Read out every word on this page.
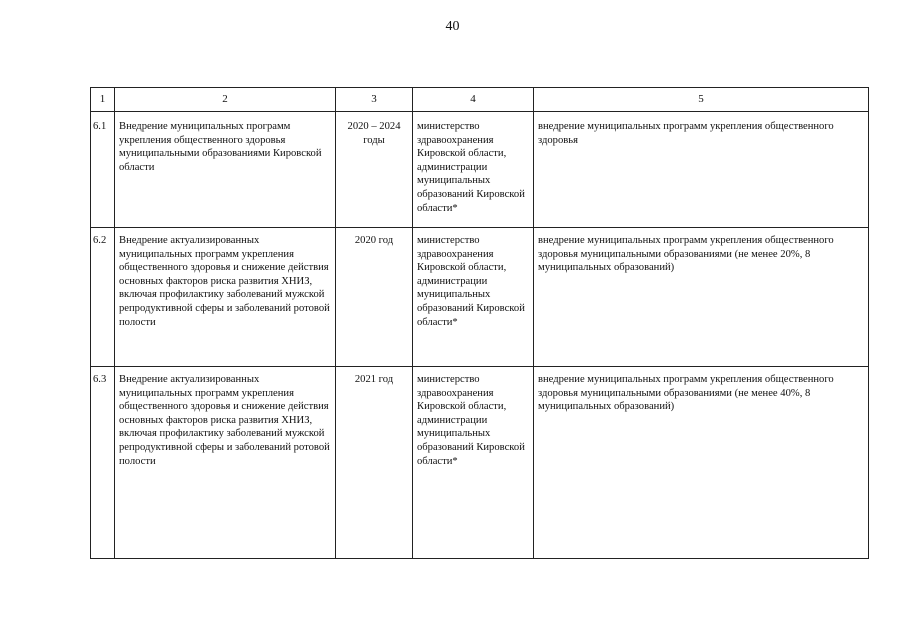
40
1	2	3	4	5
6.1	Внедрение муниципальных программ укрепления общественного здоровья муниципальными образованиями Кировской области	2020 – 2024 годы	министерство здравоохранения Кировской области, администрации муниципальных образований Кировской области*	внедрение муниципальных программ укрепления общественного здоровья
6.2	Внедрение актуализированных муниципальных программ укрепления общественного здоровья и снижение действия основных факторов риска развития ХНИЗ, включая профилактику заболеваний мужской репродуктивной сферы и заболеваний ротовой полости	2020 год	министерство здравоохранения Кировской области, администрации муниципальных образований Кировской области*	внедрение муниципальных программ укрепления общественного здоровья муниципальными образованиями (не менее 20%, 8 муниципальных образований)
6.3	Внедрение актуализированных муниципальных программ укрепления общественного здоровья и снижение действия основных факторов риска развития ХНИЗ, включая профилактику заболеваний мужской репродуктивной сферы и заболеваний ротовой полости	2021 год	министерство здравоохранения Кировской области, администрации муниципальных образований Кировской области*	внедрение муниципальных программ укрепления общественного здоровья муниципальными образованиями (не менее 40%, 8 муниципальных образований)
